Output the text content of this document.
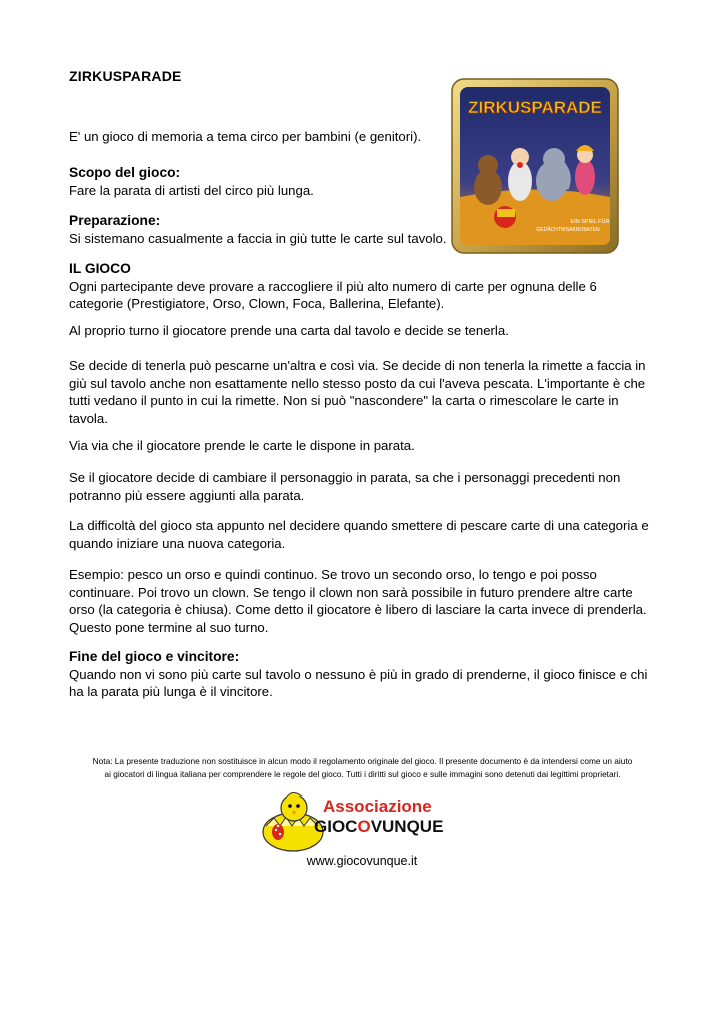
ZIRKUSPARADE
ZIRKUSPARADE
EIN SPIEL FÜR
GEDÄCHTNISAKROBATEN

E' un gioco di memoria a tema circo per bambini (e genitori).

Scopo del gioco:

Fare la parata di artisti del circo più lunga.

Preparazione:

Si sistemano casualmente a faccia in giù tutte le carte sul tavolo.

IL GIOCO

Ogni partecipante deve provare a raccogliere il più alto numero di carte per ognuna delle 6 categorie (Prestigiatore, Orso, Clown, Foca, Ballerina, Elefante).

Al proprio turno il giocatore prende una carta dal tavolo e decide se tenerla.

Se decide di tenerla può pescarne un'altra e così via. Se decide di non tenerla la rimette a faccia in giù sul tavolo anche non esattamente nello stesso posto da cui l'aveva pescata. L'importante è che tutti vedano il punto in cui la rimette. Non si può "nascondere" la carta o rimescolare le carte in tavola.

Via via che il giocatore prende le carte le dispone in parata.

Se il giocatore decide di cambiare il personaggio in parata, sa che i personaggi precedenti non potranno più essere aggiunti alla parata.

La difficoltà del gioco sta appunto nel decidere quando smettere di pescare carte di una categoria e quando iniziare una nuova categoria.

Esempio: pesco un orso e quindi continuo. Se trovo un secondo orso, lo tengo e poi posso continuare. Poi trovo un clown. Se tengo il clown non sarà possibile in futuro prendere altre carte orso (la categoria è chiusa). Come detto il giocatore è libero di lasciare la carta invece di prenderla. Questo pone termine al suo turno.

Fine del gioco e vincitore:

Quando non vi sono più carte sul tavolo o nessuno è più in grado di prenderne, il gioco finisce e chi ha la parata più lunga è il vincitore.

Nota: La presente traduzione non sostituisce in alcun modo il regolamento originale del gioco. Il presente documento è da intendersi come un aiuto
ai giocatori di lingua italiana per comprendere le regole del gioco. Tutti i diritti sul gioco e sulle immagini sono detenuti dai legittimi proprietari.
Associazione
GIOCOVUNQUE
www.giocovunque.it
